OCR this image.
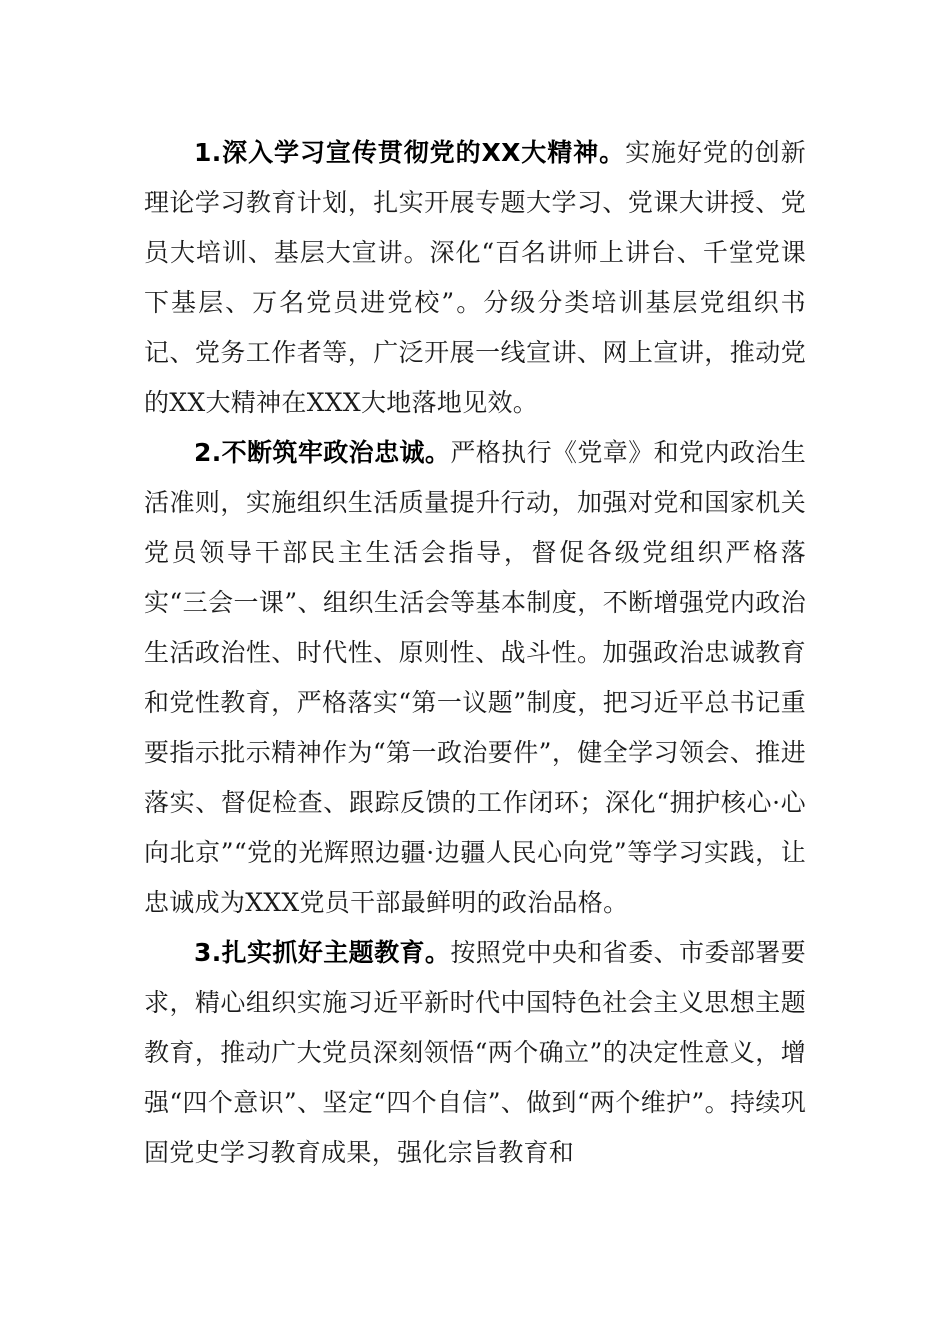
1.深入学习宣传贯彻党的XX大精神。实施好党的创新理论学习教育计划，扎实开展专题大学习、党课大讲授、党员大培训、基层大宣讲。深化“百名讲师上讲台、千堂党课下基层、万名党员进党校”。分级分类培训基层党组织书记、党务工作者等，广泛开展一线宣讲、网上宣讲，推动党的XX大精神在XXX大地落地见效。

2.不断筑牢政治忠诚。严格执行《党章》和党内政治生活准则，实施组织生活质量提升行动，加强对党和国家机关党员领导干部民主生活会指导，督促各级党组织严格落实“三会一课”、组织生活会等基本制度，不断增强党内政治生活政治性、时代性、原则性、战斗性。加强政治忠诚教育和党性教育，严格落实“第一议题”制度，把习近平总书记重要指示批示精神作为“第一政治要件”，健全学习领会、推进落实、督促检查、跟踪反馈的工作闭环；深化“拥护核心·心向北京”“党的光辉照边疆·边疆人民心向党”等学习实践，让忠诚成为XXX党员干部最鲜明的政治品格。

3.扎实抓好主题教育。按照党中央和省委、市委部署要求，精心组织实施习近平新时代中国特色社会主义思想主题教育，推动广大党员深刻领悟“两个确立”的决定性意义，增强“四个意识”、坚定“四个自信”、做到“两个维护”。持续巩固党史学习教育成果，强化宗旨教育和
